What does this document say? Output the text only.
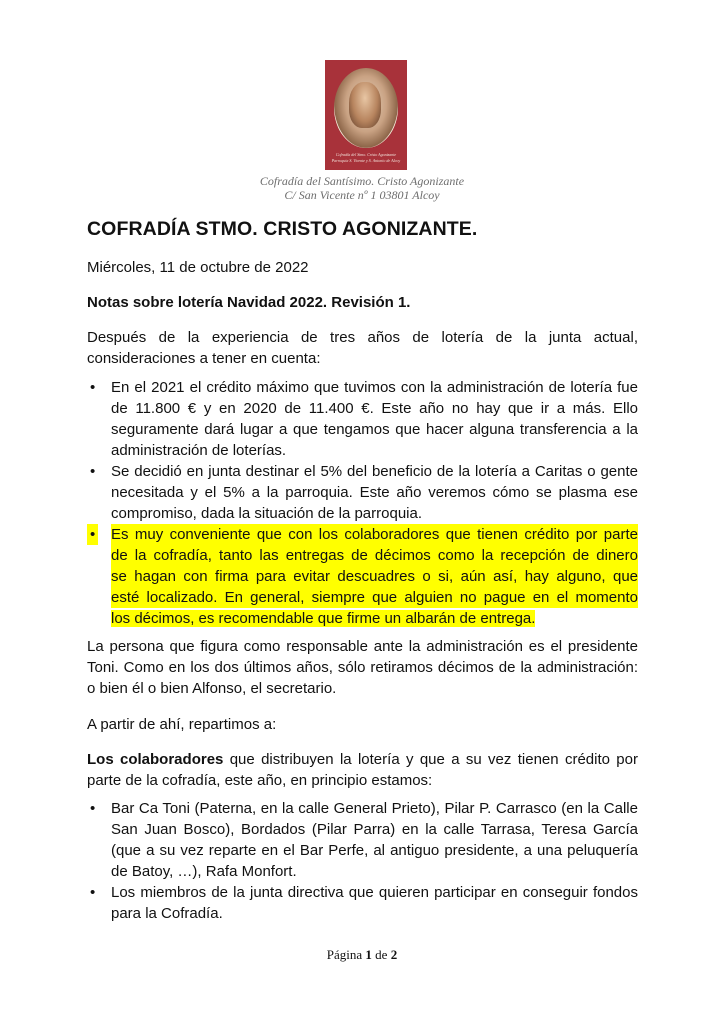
Cofradía del Stmo. Cristo Agonizante
Parroquia S. Vicente y S. Antonio de Alcoy
Cofradía del Santísimo. Cristo Agonizante
C/ San Vicente nº 1 03801 Alcoy
COFRADÍA STMO. CRISTO AGONIZANTE.
Miércoles, 11 de octubre de 2022
Notas sobre lotería Navidad 2022. Revisión 1.
Después de la experiencia de tres años de lotería de la junta actual, consideraciones a tener en cuenta:
• En el 2021 el crédito máximo que tuvimos con la administración de lotería fue de 11.800 € y en 2020 de 11.400 €. Este año no hay que ir a más. Ello seguramente dará lugar a que tengamos que hacer alguna transferencia a la administración de loterías.
• Se decidió en junta destinar el 5% del beneficio de la lotería a Caritas o gente necesitada y el 5% a la parroquia. Este año veremos cómo se plasma ese compromiso, dada la situación de la parroquia.
• Es muy conveniente que con los colaboradores que tienen crédito por parte
de la cofradía, tanto las entregas de décimos como la recepción de dinero
se hagan con firma para evitar descuadres o si, aún así, hay alguno, que
esté localizado. En general, siempre que alguien no pague en el momento
los décimos, es recomendable que firme un albarán de entrega.
La persona que figura como responsable ante la administración es el presidente Toni. Como en los dos últimos años, sólo retiramos décimos de la administración: o bien él o bien Alfonso, el secretario.
A partir de ahí, repartimos a:
Los colaboradores que distribuyen la lotería y que a su vez tienen crédito por parte de la cofradía, este año, en principio estamos:
• Bar Ca Toni (Paterna, en la calle General Prieto), Pilar P. Carrasco (en la Calle San Juan Bosco), Bordados (Pilar Parra) en la calle Tarrasa, Teresa García (que a su vez reparte en el Bar Perfe, al antiguo presidente, a una peluquería de Batoy, …), Rafa Monfort.
• Los miembros de la junta directiva que quieren participar en conseguir fondos para la Cofradía.
Página 1 de 2
